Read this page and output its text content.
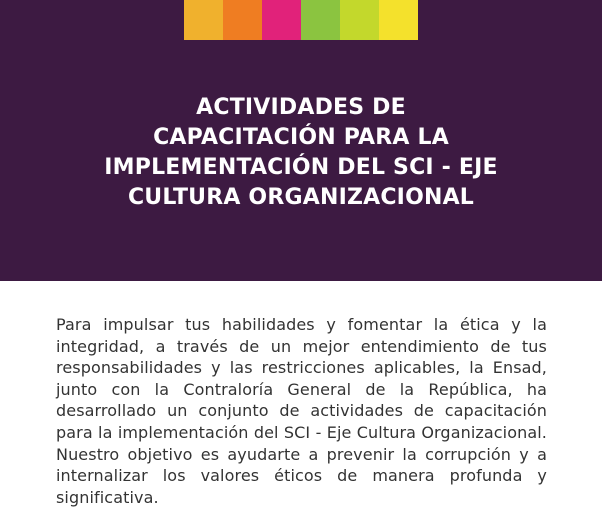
ACTIVIDADES DE
CAPACITACIÓN PARA LA
IMPLEMENTACIÓN DEL SCI - EJE
CULTURA ORGANIZACIONAL

Para impulsar tus habilidades y fomentar la ética y la integridad, a través de un mejor entendimiento de tus responsabilidades y las restricciones aplicables, la Ensad, junto con la Contraloría General de la República, ha desarrollado un conjunto de actividades de capacitación para la implementación del SCI - Eje Cultura Organizacional. Nuestro objetivo es ayudarte a prevenir la corrupción y a internalizar los valores éticos de manera profunda y significativa.
